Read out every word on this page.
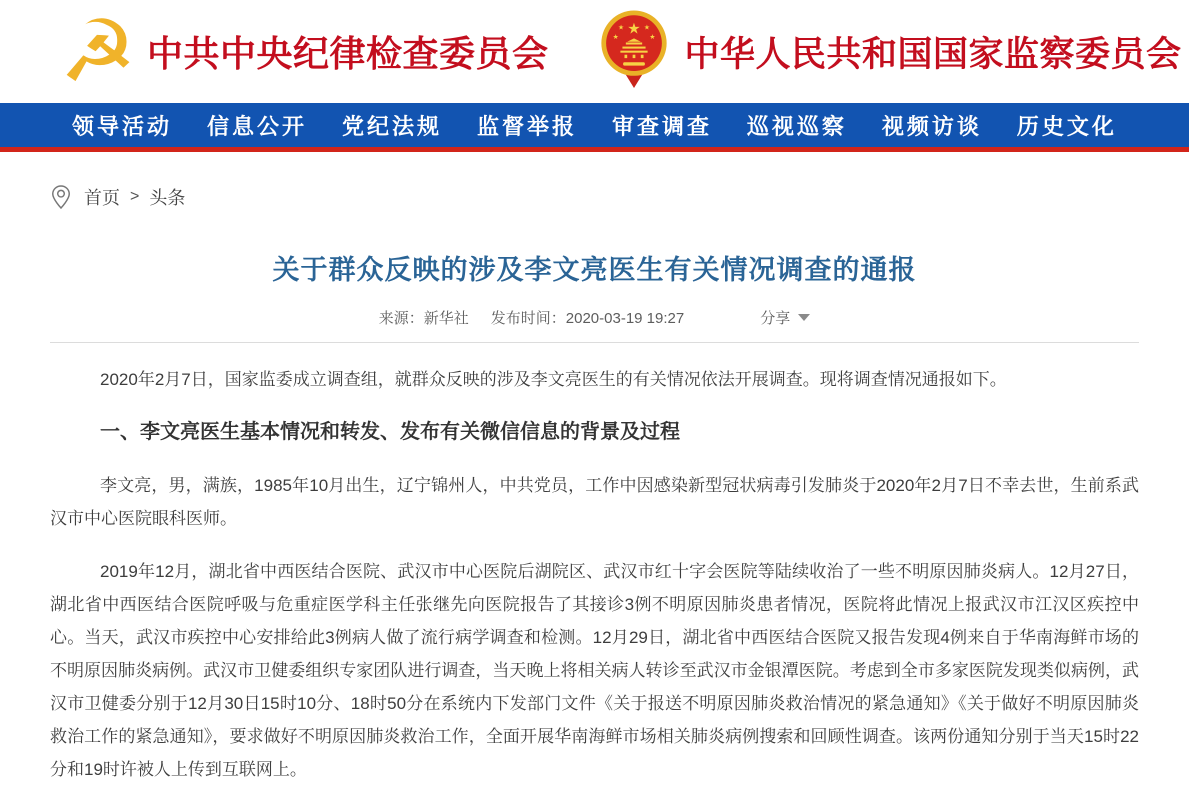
☭ 中共中央纪律检查委员会
★
★ ★
★	★ 中华人民共和国国家监察委员会
领导活动 信息公开 党纪法规 监督举报 审查调查 巡视巡察 视频访谈 历史文化
首页 > 头条
关于群众反映的涉及李文亮医生有关情况调查的通报
来源：新华社 发布时间：2020-03-19 19:27	分享

2020年2月7日，国家监委成立调查组，就群众反映的涉及李文亮医生的有关情况依法开展调查。现将调查情况通报如下。

一、李文亮医生基本情况和转发、发布有关微信信息的背景及过程

李文亮，男，满族，1985年10月出生，辽宁锦州人，中共党员，工作中因感染新型冠状病毒引发肺炎于2020年2月7日不幸去世，生前系武汉市中心医院眼科医师。

2019年12月，湖北省中西医结合医院、武汉市中心医院后湖院区、武汉市红十字会医院等陆续收治了一些不明原因肺炎病人。12月27日，湖北省中西医结合医院呼吸与危重症医学科主任张继先向医院报告了其接诊3例不明原因肺炎患者情况，医院将此情况上报武汉市江汉区疾控中心。当天，武汉市疾控中心安排给此3例病人做了流行病学调查和检测。12月29日，湖北省中西医结合医院又报告发现4例来自于华南海鲜市场的不明原因肺炎病例。武汉市卫健委组织专家团队进行调查，当天晚上将相关病人转诊至武汉市金银潭医院。考虑到全市多家医院发现类似病例，武汉市卫健委分别于12月30日15时10分、18时50分在系统内下发部门文件《关于报送不明原因肺炎救治情况的紧急通知》《关于做好不明原因肺炎救治工作的紧急通知》，要求做好不明原因肺炎救治工作，全面开展华南海鲜市场相关肺炎病例搜索和回顾性调查。该两份通知分别于当天15时22分和19时许被人上传到互联网上。
